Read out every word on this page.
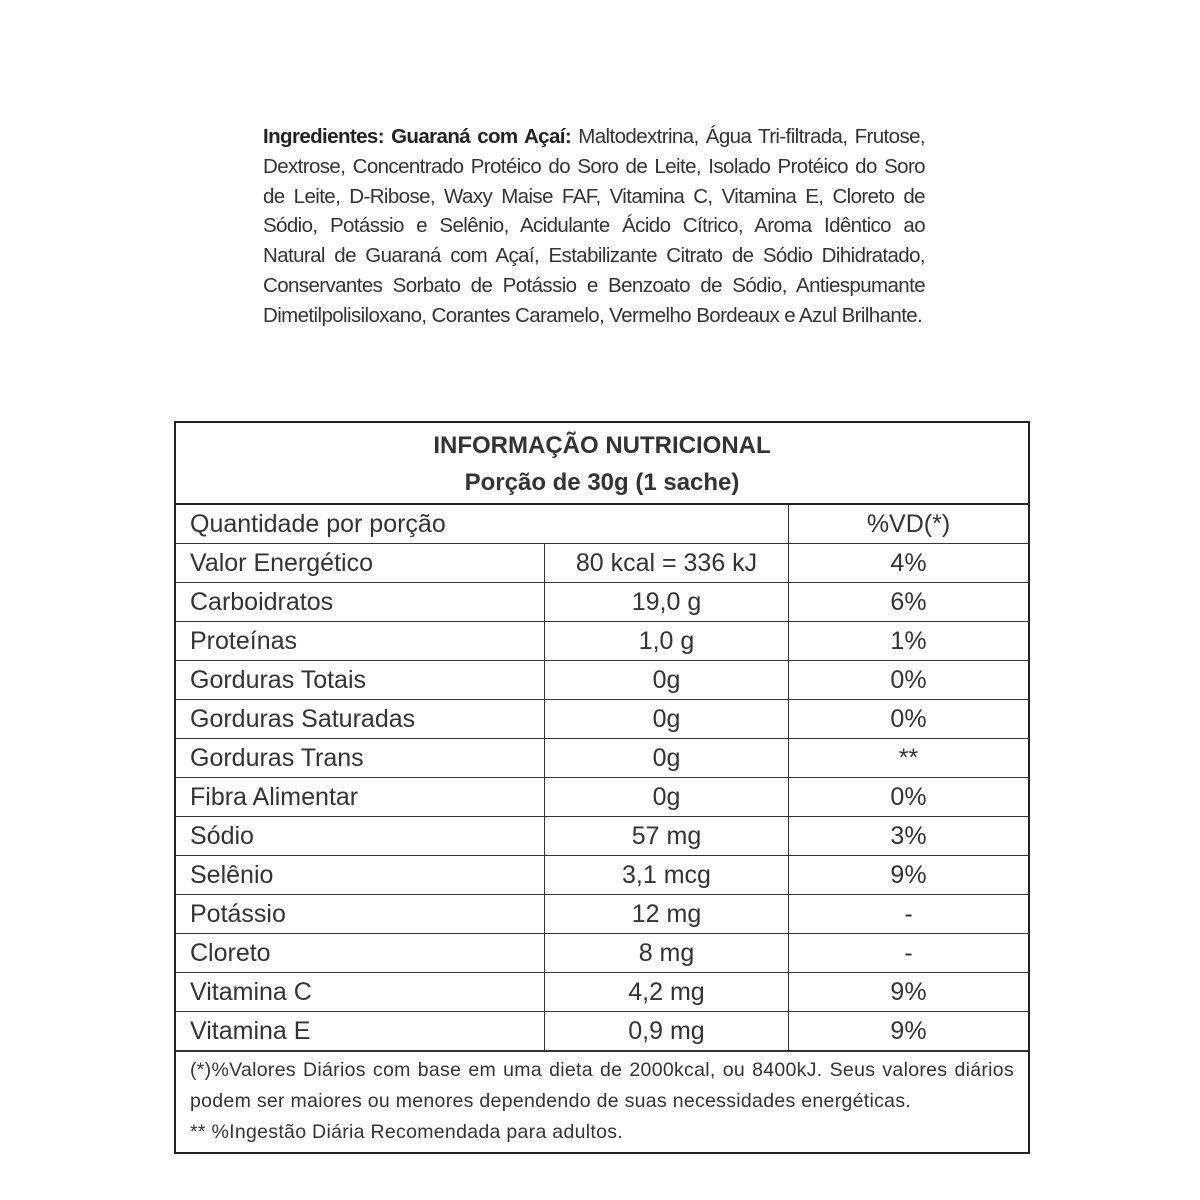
Ingredientes: Guaraná com Açaí: Maltodextrina, Água Tri-filtrada, Frutose, Dextrose, Concentrado Protéico do Soro de Leite, Isolado Protéico do Soro de Leite, D-Ribose, Waxy Maise FAF, Vitamina C, Vitamina E, Cloreto de Sódio, Potássio e Selênio, Acidulante Ácido Cítrico, Aroma Idêntico ao Natural de Guaraná com Açaí, Estabilizante Citrato de Sódio Dihidratado, Conservantes Sorbato de Potássio e Benzoato de Sódio, Antiespumante Dimetilpolisiloxano, Corantes Caramelo, Vermelho Bordeaux e Azul Brilhante.
INFORMAÇÃO NUTRICIONAL
Porção de 30g (1 sache)
Quantidade por porção		%VD(*)
Valor Energético	80 kcal = 336 kJ	4%
Carboidratos	19,0 g	6%
Proteínas	1,0 g	1%
Gorduras Totais	0g	0%
Gorduras Saturadas	0g	0%
Gorduras Trans	0g	**
Fibra Alimentar	0g	0%
Sódio	57 mg	3%
Selênio	3,1 mcg	9%
Potássio	12 mg	-
Cloreto	8 mg	-
Vitamina C	4,2 mg	9%
Vitamina E	0,9 mg	9%
(*)%Valores Diários com base em uma dieta de 2000kcal, ou 8400kJ. Seus valores diários podem ser maiores ou menores dependendo de suas necessidades energéticas.
** %Ingestão Diária Recomendada para adultos.
